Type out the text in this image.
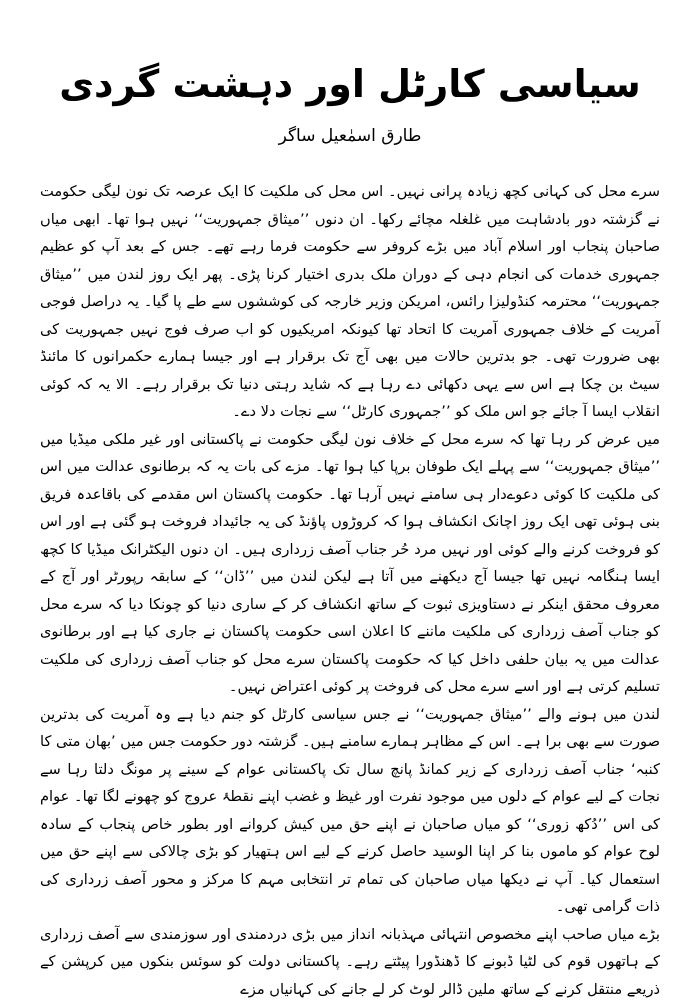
سیاسی کارٹل اور دہشت گردی
طارق اسمٰعیل ساگر

سرے محل کی کہانی کچھ زیادہ پرانی نہیں۔ اس محل کی ملکیت کا ایک عرصہ تک نون لیگی حکومت نے گزشتہ دور بادشاہت میں غلغلہ مچائے رکھا۔ ان دنوں ’’میثاق جمہوریت‘‘ نہیں ہوا تھا۔ ابھی میاں صاحبان پنجاب اور اسلام آباد میں بڑے کروفر سے حکومت فرما رہے تھے۔ جس کے بعد آپ کو عظیم جمہوری خدمات کی انجام دہی کے دوران ملک بدری اختیار کرنا پڑی۔ پھر ایک روز لندن میں ’’میثاق جمہوریت‘‘ محترمہ کنڈولیزا رائس، امریکن وزیر خارجہ کی کوششوں سے طے پا گیا۔ یہ دراصل فوجی آمریت کے خلاف جمہوری آمریت کا اتحاد تھا کیونکہ امریکیوں کو اب صرف فوج نہیں جمہوریت کی بھی ضرورت تھی۔ جو بدترین حالات میں بھی آج تک برقرار ہے اور جیسا ہمارے حکمرانوں کا مائنڈ سیٹ بن چکا ہے اس سے یہی دکھائی دے رہا ہے کہ شاید رہتی دنیا تک برقرار رہے۔ الا یہ کہ کوئی انقلاب ایسا آ جائے جو اس ملک کو ’’جمہوری کارٹل‘‘ سے نجات دلا دے۔

میں عرض کر رہا تھا کہ سرے محل کے خلاف نون لیگی حکومت نے پاکستانی اور غیر ملکی میڈیا میں ’’میثاق جمہوریت‘‘ سے پہلے ایک طوفان برپا کیا ہوا تھا۔ مزے کی بات یہ کہ برطانوی عدالت میں اس کی ملکیت کا کوئی دعوےدار ہی سامنے نہیں آرہا تھا۔ حکومت پاکستان اس مقدمے کی باقاعدہ فریق بنی ہوئی تھی ایک روز اچانک انکشاف ہوا کہ کروڑوں پاؤنڈ کی یہ جائیداد فروخت ہو گئی ہے اور اس کو فروخت کرنے والے کوئی اور نہیں مرد حُر جناب آصف زرداری ہیں۔ ان دنوں الیکٹرانک میڈیا کا کچھ ایسا ہنگامہ نہیں تھا جیسا آج دیکھنے میں آتا ہے لیکن لندن میں ’’ڈان‘‘ کے سابقہ رپورٹر اور آج کے معروف محقق اینکر نے دستاویزی ثبوت کے ساتھ انکشاف کر کے ساری دنیا کو چونکا دیا کہ سرے محل کو جناب آصف زرداری کی ملکیت ماننے کا اعلان اسی حکومت پاکستان نے جاری کیا ہے اور برطانوی عدالت میں یہ بیان حلفی داخل کیا کہ حکومت پاکستان سرے محل کو جناب آصف زرداری کی ملکیت تسلیم کرتی ہے اور اسے سرے محل کی فروخت پر کوئی اعتراض نہیں۔

لندن میں ہونے والے ’’میثاق جمہوریت‘‘ نے جس سیاسی کارٹل کو جنم دیا ہے وہ آمریت کی بدترین صورت سے بھی برا ہے۔ اس کے مظاہر ہمارے سامنے ہیں۔ گزشتہ دور حکومت جس میں ’بھان متی کا کنبہ‘ جناب آصف زرداری کے زیر کمانڈ پانچ سال تک پاکستانی عوام کے سینے پر مونگ دلتا رہا سے نجات کے لیے عوام کے دلوں میں موجود نفرت اور غیظ و غضب اپنے نقطۂ عروج کو چھونے لگا تھا۔ عوام کی اس ’’دُکھ زوری‘‘ کو میاں صاحبان نے اپنے حق میں کیش کروانے اور بطور خاص پنجاب کے سادہ لوح عوام کو ماموں بنا کر اپنا الوسید حاصل کرنے کے لیے اس ہتھیار کو بڑی چالاکی سے اپنے حق میں استعمال کیا۔ آپ نے دیکھا میاں صاحبان کی تمام تر انتخابی مہم کا مرکز و محور آصف زرداری کی ذات گرامی تھی۔

بڑے میاں صاحب اپنے مخصوص انتہائی مہذبانہ انداز میں بڑی دردمندی اور سوزمندی سے آصف زرداری کے ہاتھوں قوم کی لٹیا ڈبونے کا ڈھنڈورا پیٹتے رہے۔ پاکستانی دولت کو سوئس بنکوں میں کرپشن کے ذریعے منتقل کرنے کے ساتھ ملین ڈالر لوٹ کر لے جانے کی کہانیاں مزے
